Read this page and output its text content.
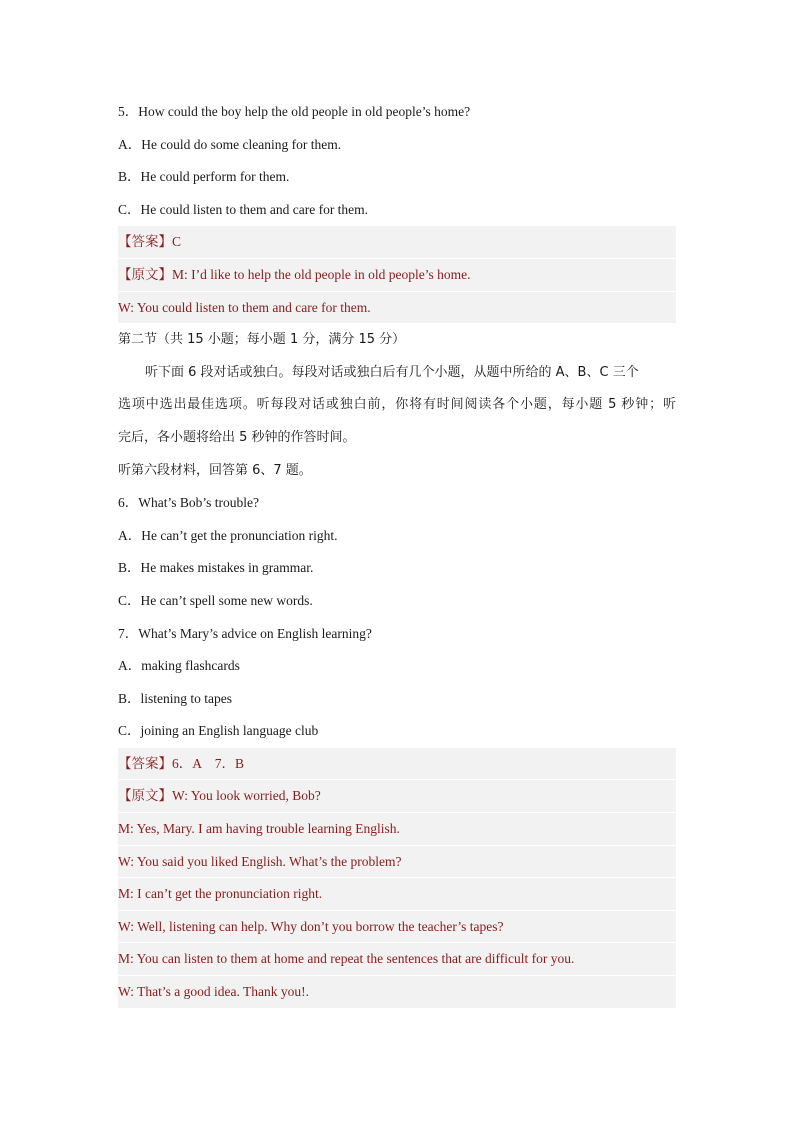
5．How could the boy help the old people in old people’s home?
A．He could do some cleaning for them.
B．He could perform for them.
C．He could listen to them and care for them.
【答案】C
【原文】M: I’d like to help the old people in old people’s home.
W: You could listen to them and care for them.
第二节（共 15 小题；每小题 1 分，满分 15 分）
听下面 6 段对话或独白。每段对话或独白后有几个小题，从题中所给的 A、B、C 三个
选项中选出最佳选项。听每段对话或独白前，你将有时间阅读各个小题，每小题 5 秒钟；听
完后，各小题将给出 5 秒钟的作答时间。
听第六段材料，回答第 6、7 题。
6．What’s Bob’s trouble?
A．He can’t get the pronunciation right.
B．He makes mistakes in grammar.
C．He can’t spell some new words.
7．What’s Mary’s advice on English learning?
A．making flashcards
B．listening to tapes
C．joining an English language club
【答案】6．A　7．B
【原文】W: You look worried, Bob?
M: Yes, Mary. I am having trouble learning English.
W: You said you liked English. What’s the problem?
M: I can’t get the pronunciation right.
W: Well, listening can help. Why don’t you borrow the teacher’s tapes?
M: You can listen to them at home and repeat the sentences that are difficult for you.
W: That’s a good idea. Thank you!.
